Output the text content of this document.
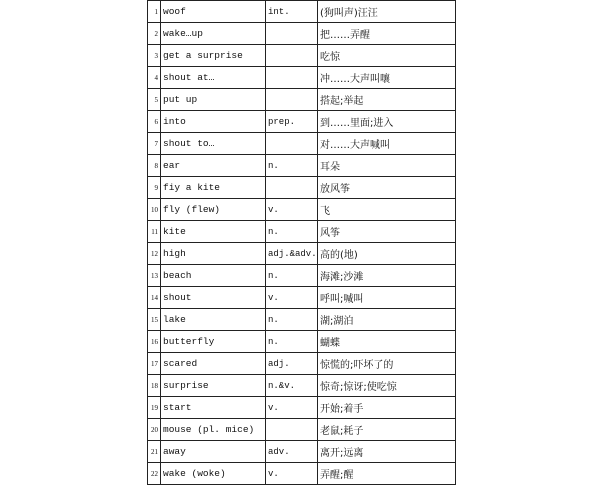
1	woof	int.	(狗叫声)汪汪
2	wake…up		把……弄醒
3	get a surprise		吃惊
4	shout at…		冲……大声叫嚷
5	put up		搭起;举起
6	into	prep.	到……里面;进入
7	shout to…		对……大声喊叫
8	ear	n.	耳朵
9	fiy a kite		放风筝
10	fly (flew)	v.	飞
11	kite	n.	风筝
12	high	adj.&adv.	高的(地)
13	beach	n.	海滩;沙滩
14	shout	v.	呼叫;喊叫
15	lake	n.	湖;湖泊
16	butterfly	n.	蝴蝶
17	scared	adj.	惊慌的;吓坏了的
18	surprise	n.&v.	惊奇;惊讶;使吃惊
19	start	v.	开始;着手
20	mouse (pl. mice)		老鼠;耗子
21	away	adv.	离开;远离
22	wake (woke)	v.	弄醒;醒
